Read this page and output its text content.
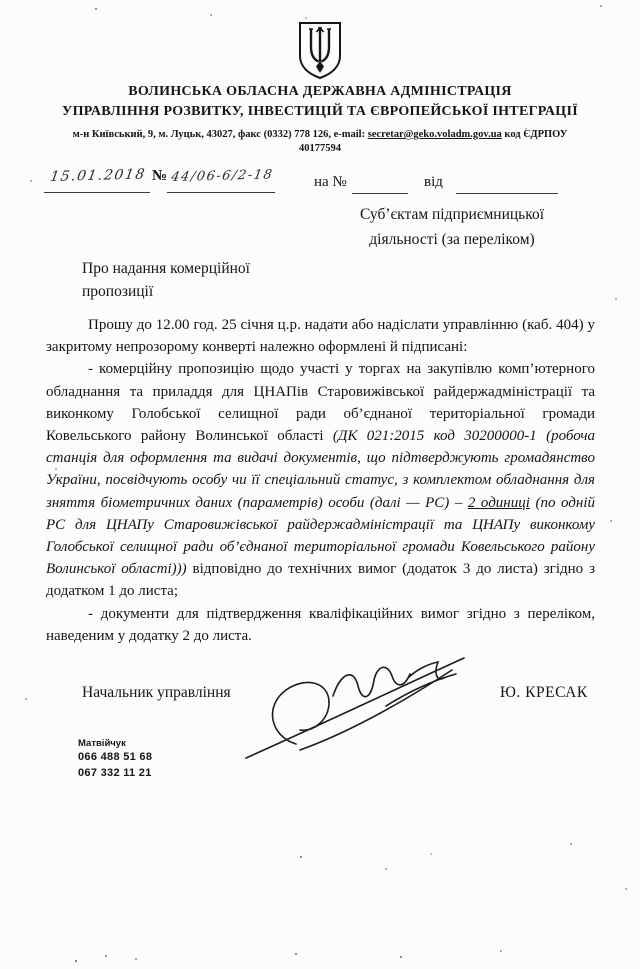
ВОЛИНСЬКА ОБЛАСНА ДЕРЖАВНА АДМІНІСТРАЦІЯ
УПРАВЛІННЯ РОЗВИТКУ, ІНВЕСТИЦІЙ ТА ЄВРОПЕЙСЬКОЇ ІНТЕГРАЦІЇ
м-н Київський, 9, м. Луцьк, 43027, факс (0332) 778 126, e-mail: secretar@geko.voladm.gov.ua код ЄДРПОУ
40177594
15.01.2018 № 44/06-6/2-18	на №	від
Суб’єктам підприємницької
діяльності (за переліком)
Про надання комерційної
пропозиції

Прошу до 12.00 год. 25 січня ц.р. надати або надіслати управлінню (каб. 404) у закритому непрозорому конверті належно оформлені й підписані:

- комерційну пропозицію щодо участі у торгах на закупівлю комп’ютерного обладнання та приладдя для ЦНАПів Старовижівської райдержадміністрації та виконкому Голобської селищної ради об’єднаної територіальної громади Ковельського району Волинської області (ДК 021:2015 код 30200000-1 (робоча станція для оформлення та видачі документів, що підтверджують громадянство України, посвідчують особу чи її спеціальний статус, з комплектом обладнання для зняття біометричних даних (параметрів) особи (далі — РС) – 2 одиниці (по одній РС для ЦНАПу Старовижівської райдержадміністрації та ЦНАПу виконкому Голобської селищної ради об’єднаної територіальної громади Ковельського району Волинської області))) відповідно до технічних вимог (додаток 3 до листа) згідно з додатком 1 до листа;

- документи для підтвердження кваліфікаційних вимог згідно з переліком, наведеним у додатку 2 до листа.

Начальник управління	Ю. КРЕСАК
Матвійчук
066 488 51 68
067 332 11 21
